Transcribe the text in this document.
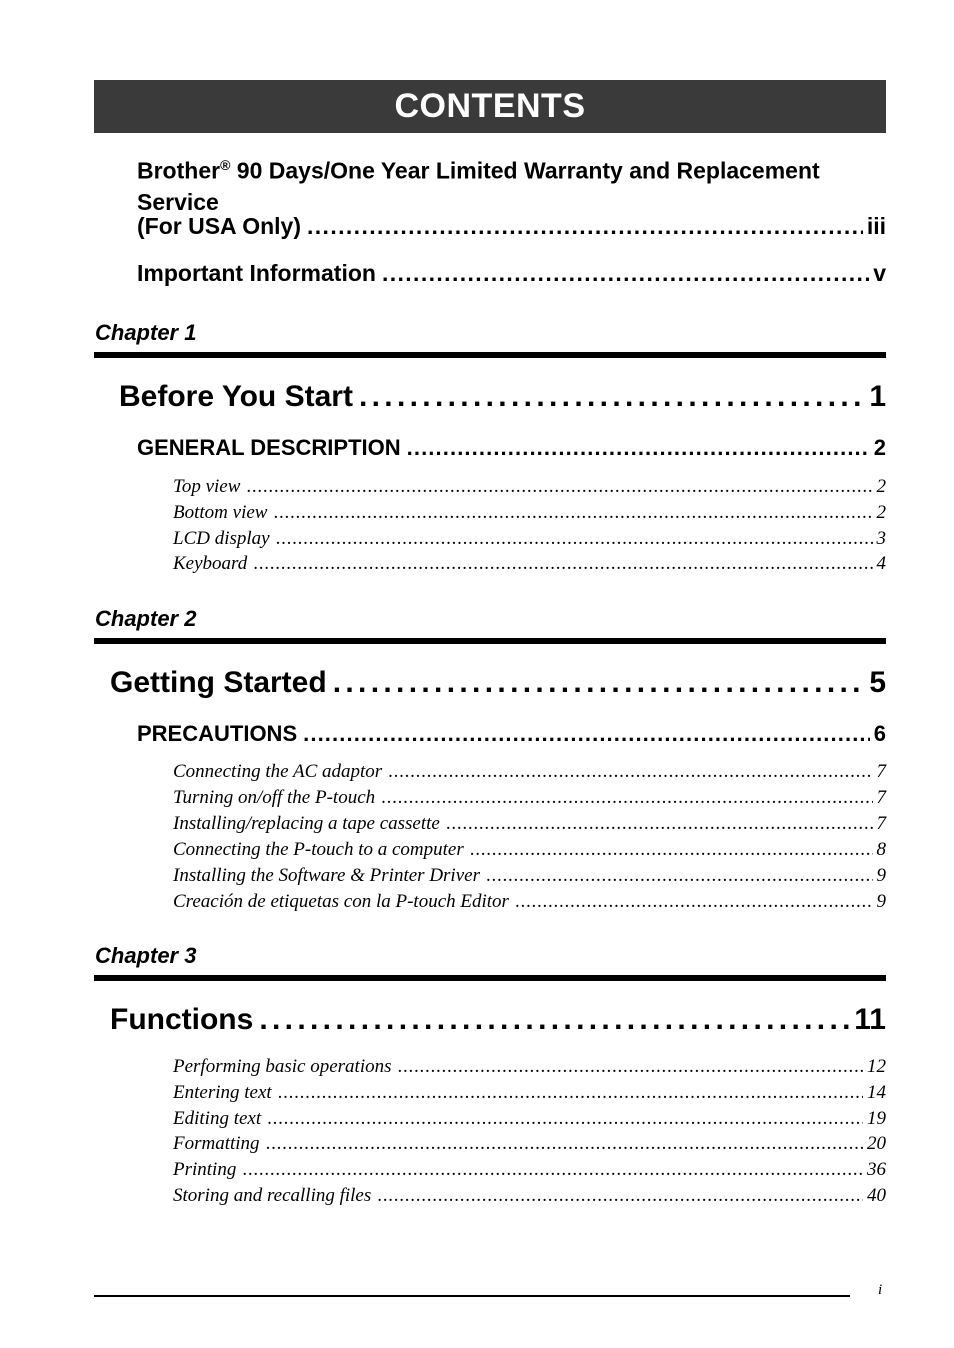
CONTENTS
Brother® 90 Days/One Year Limited Warranty and Replacement Service
(For USA Only) . . .	iii
Important Information . . .	v
Chapter 1
Before You Start . . .	1
GENERAL DESCRIPTION . . .	2
Top view . . .	2
Bottom view . . .	2
LCD display . . .	3
Keyboard . . .	4
Chapter 2
Getting Started . . .	5
PRECAUTIONS . . .	6
Connecting the AC adaptor . . .	7
Turning on/off the P-touch . . .	7
Installing/replacing a tape cassette . . .	7
Connecting the P-touch to a computer . . .	8
Installing the Software & Printer Driver . . .	9
Creación de etiquetas con la P-touch Editor . . .	9
Chapter 3
Functions . . .	11
Performing basic operations . . .	12
Entering text . . .	14
Editing text . . .	19
Formatting . . .	20
Printing . . .	36
Storing and recalling files . . .	40
i
